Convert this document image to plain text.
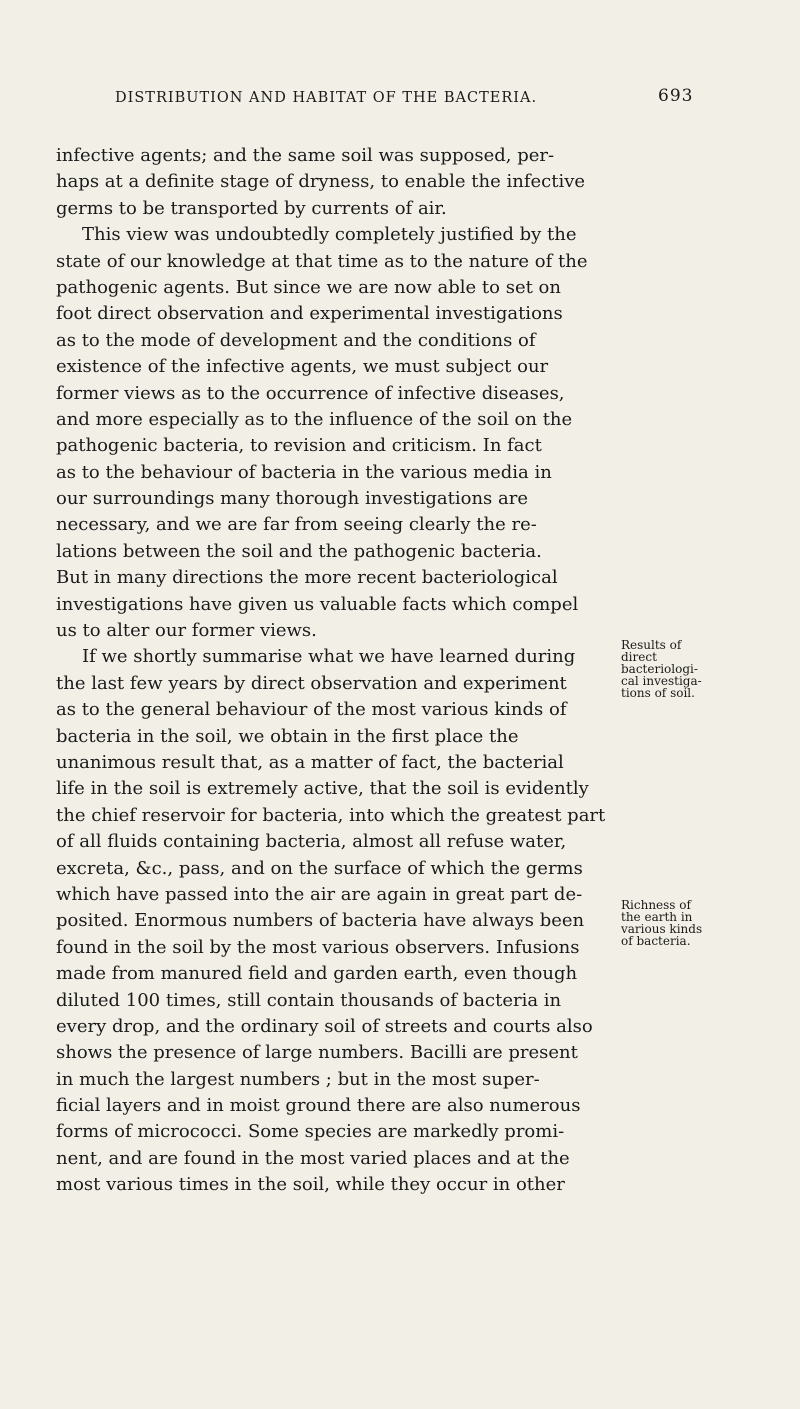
DISTRIBUTION AND HABITAT OF THE BACTERIA.	693
infective agents; and the same soil was supposed, per-
haps at a definite stage of dryness, to enable the infective
germs to be transported by currents of air.
This view was undoubtedly completely justified by the
state of our knowledge at that time as to the nature of the
pathogenic agents. But since we are now able to set on
foot direct observation and experimental investigations
as to the mode of development and the conditions of
existence of the infective agents, we must subject our
former views as to the occurrence of infective diseases,
and more especially as to the influence of the soil on the
pathogenic bacteria, to revision and criticism. In fact
as to the behaviour of bacteria in the various media in
our surroundings many thorough investigations are
necessary, and we are far from seeing clearly the re-
lations between the soil and the pathogenic bacteria.
But in many directions the more recent bacteriological
investigations have given us valuable facts which compel
us to alter our former views.
If we shortly summarise what we have learned during
the last few years by direct observation and experiment
as to the general behaviour of the most various kinds of
bacteria in the soil, we obtain in the first place the
unanimous result that, as a matter of fact, the bacterial
life in the soil is extremely active, that the soil is evidently
the chief reservoir for bacteria, into which the greatest part
of all fluids containing bacteria, almost all refuse water,
excreta, &c., pass, and on the surface of which the germs
which have passed into the air are again in great part de-
posited. Enormous numbers of bacteria have always been
found in the soil by the most various observers. Infusions
made from manured field and garden earth, even though
diluted 100 times, still contain thousands of bacteria in
every drop, and the ordinary soil of streets and courts also
shows the presence of large numbers. Bacilli are present
in much the largest numbers ; but in the most super-
ficial layers and in moist ground there are also numerous
forms of micrococci. Some species are markedly promi-
nent, and are found in the most varied places and at the
most various times in the soil, while they occur in other
Results of
direct
bacteriologi-
cal investiga-
tions of soil.
Richness of
the earth in
various kinds
of bacteria.
